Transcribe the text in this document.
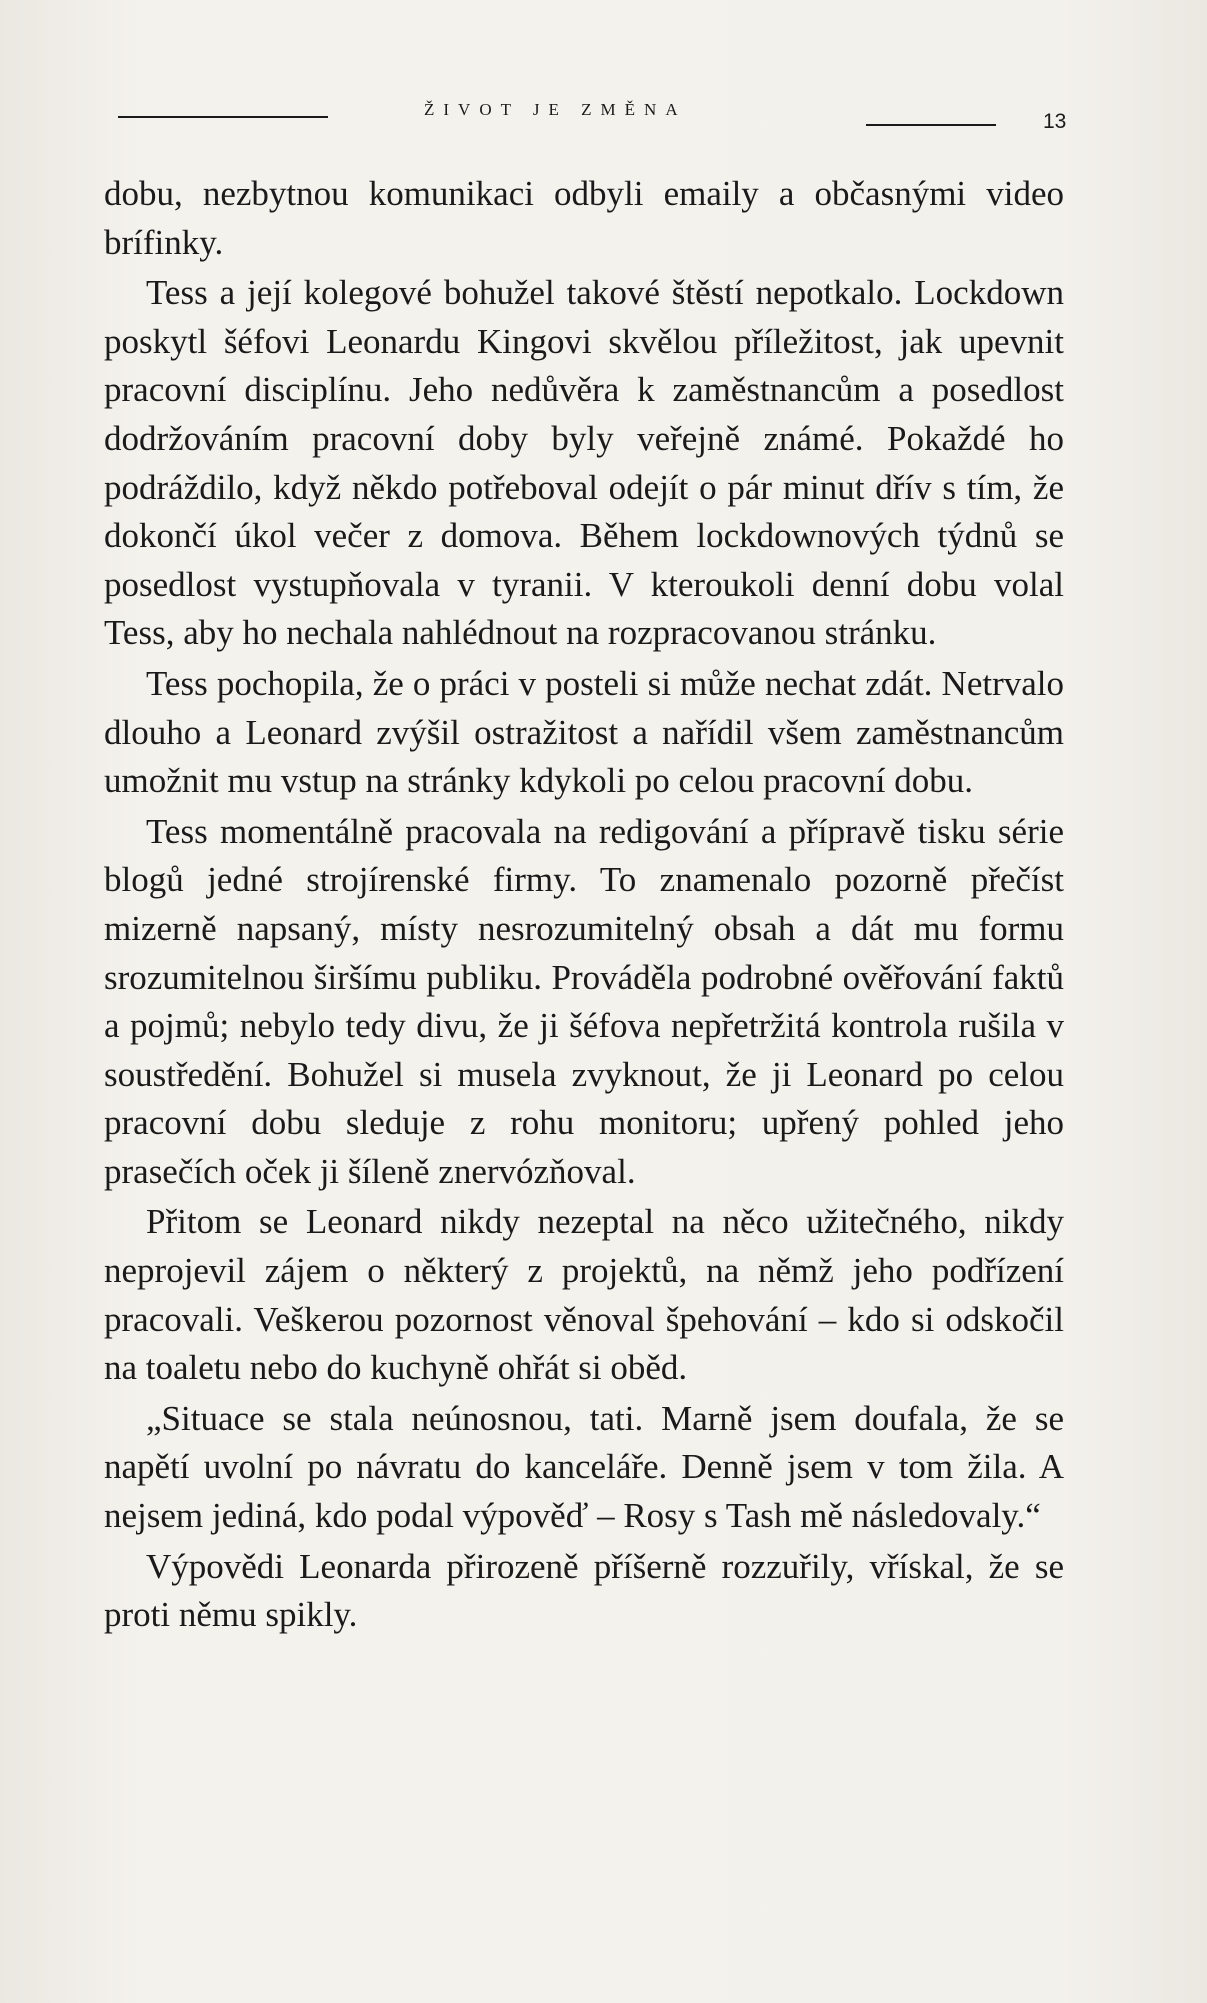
ŽIVOT JE ZMĚNA
13

dobu, nezbytnou komunikaci odbyli emaily a občasnými video brífinky.

Tess a její kolegové bohužel takové štěstí nepotkalo. Lockdown poskytl šéfovi Leonardu Kingovi skvělou příležitost, jak upevnit pracovní disciplínu. Jeho nedůvěra k zaměstnancům a posedlost dodržováním pracovní doby byly veřejně známé. Pokaždé ho podráždilo, když někdo potřeboval odejít o pár minut dřív s tím, že dokončí úkol večer z domova. Během lockdownových týdnů se posedlost vystupňovala v tyranii. V kteroukoli denní dobu volal Tess, aby ho nechala nahlédnout na rozpracovanou stránku.

Tess pochopila, že o práci v posteli si může nechat zdát. Netrvalo dlouho a Leonard zvýšil ostražitost a nařídil všem zaměstnancům umožnit mu vstup na stránky kdykoli po celou pracovní dobu.

Tess momentálně pracovala na redigování a přípravě tisku série blogů jedné strojírenské firmy. To znamenalo pozorně přečíst mizerně napsaný, místy nesrozumitelný obsah a dát mu formu srozumitelnou širšímu publiku. Prováděla podrobné ověřování faktů a pojmů; nebylo tedy divu, že ji šéfova nepřetržitá kontrola rušila v soustředění. Bohužel si musela zvyknout, že ji Leonard po celou pracovní dobu sleduje z rohu monitoru; upřený pohled jeho prasečích oček ji šíleně znervózňoval.

Přitom se Leonard nikdy nezeptal na něco užitečného, nikdy neprojevil zájem o některý z projektů, na němž jeho podřízení pracovali. Veškerou pozornost věnoval špehování – kdo si odskočil na toaletu nebo do kuchyně ohřát si oběd.

„Situace se stala neúnosnou, tati. Marně jsem doufala, že se napětí uvolní po návratu do kanceláře. Denně jsem v tom žila. A nejsem jediná, kdo podal výpověď – Rosy s Tash mě následovaly.“

Výpovědi Leonarda přirozeně příšerně rozzuřily, vřískal, že se proti němu spikly.
